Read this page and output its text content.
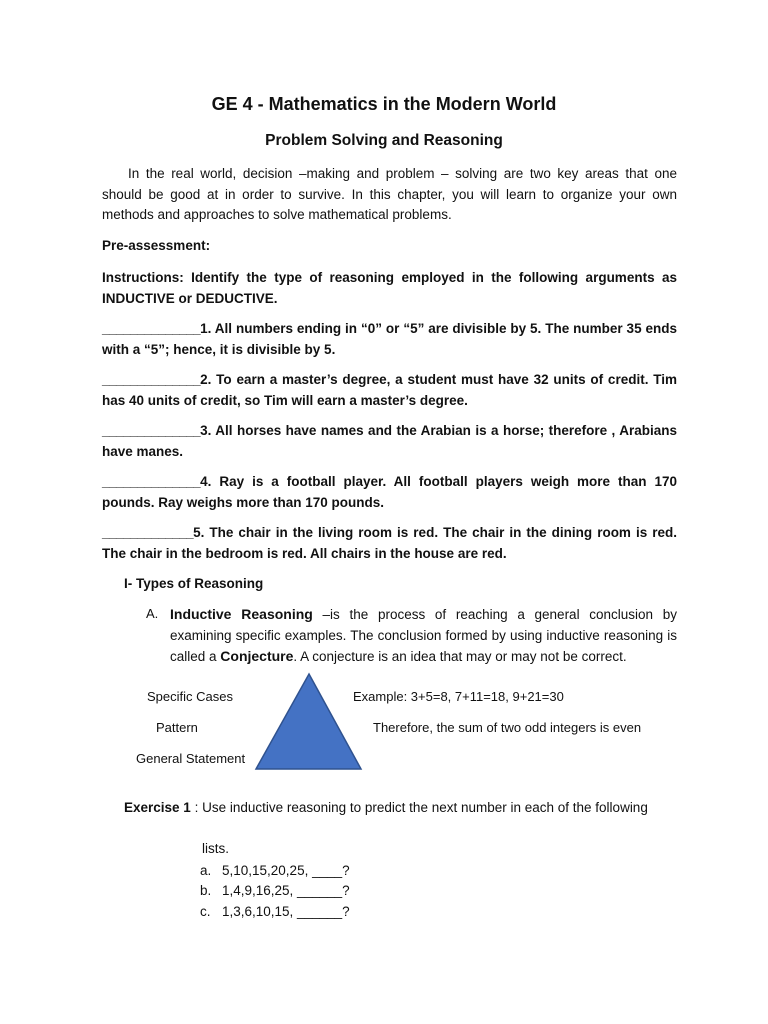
GE 4 - Mathematics in the Modern World
Problem Solving and Reasoning
In the real world, decision –making and problem – solving are two key areas that one should be good at in order to survive. In this chapter, you will learn to organize your own methods and approaches to solve mathematical problems.
Pre-assessment:
Instructions: Identify the type of reasoning employed in the following arguments as INDUCTIVE or DEDUCTIVE.
______________1. All numbers ending in “0” or “5” are divisible by 5. The number 35 ends with a “5”; hence, it is divisible by 5.
______________2. To earn a master’s degree, a student must have 32 units of credit. Tim has 40 units of credit, so Tim will earn a master’s degree.
______________3. All horses have names and the Arabian is a horse; therefore , Arabians have manes.
______________4. Ray is a football player. All football players weigh more than 170 pounds. Ray weighs more than 170 pounds.
_____________5. The chair in the living room is red. The chair in the dining room is red. The chair in the bedroom is red. All chairs in the house are red.
I- Types of Reasoning
A. Inductive Reasoning –is the process of reaching a general conclusion by examining specific examples. The conclusion formed by using inductive reasoning is called a Conjecture. A conjecture is an idea that may or may not be correct.
Specific Cases
Pattern
General Statement
Example: 3+5=8, 7+11=18, 9+21=30
Therefore, the sum of two odd integers is even
Exercise 1 : Use inductive reasoning to predict the next number in each of the following
lists.
a. 5,10,15,20,25, ____?
b. 1,4,9,16,25, ______?
c. 1,3,6,10,15, ______?
